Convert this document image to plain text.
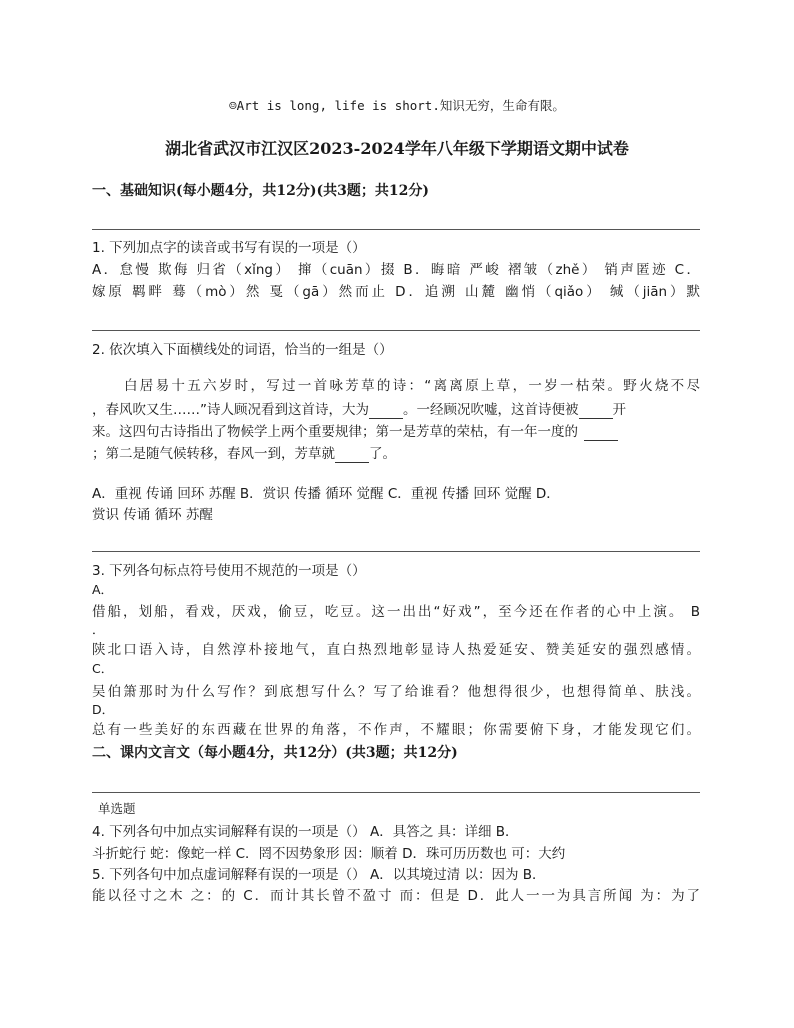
☺Art is long, life is short.知识无穷，生命有限。
湖北省武汉市江汉区2023-2024学年八年级下学期语文期中试卷
一、基础知识(每小题4分，共12分)(共3题；共12分)
1. 下列加点字的读音或书写有误的一项是（）
A．怠慢 欺侮 归省（xǐng） 撺（cuān）掇 B．晦暗 严峻 褶皱（zhě） 销声匿迹 C．
嫁原 羁畔 蓦（mò）然 戛（gā）然而止 D．追溯 山麓 幽悄（qiǎo） 缄（jiān）默
2. 依次填入下面横线处的词语，恰当的一组是（）
白居易十五六岁时，写过一首咏芳草的诗：“离离原上草，一岁一枯荣。野火烧不尽
，春风吹又生……”诗人顾况看到这首诗，大为	。一经顾况吹嘘，这首诗便被	开
来。这四句古诗指出了物候学上两个重要规律；第一是芳草的荣枯，有一年一度的
；第二是随气候转移，春风一到，芳草就	了。
A．重视 传诵 回环 苏醒 B．赏识 传播 循环 觉醒 C．重视 传播 回环 觉醒 D．
赏识 传诵 循环 苏醒
3. 下列各句标点符号使用不规范的一项是（）
A．
借船，划船，看戏，厌戏，偷豆，吃豆。这一出出“好戏”，至今还在作者的心中上演。 B
．
陕北口语入诗，自然淳朴接地气，直白热烈地彰显诗人热爱延安、赞美延安的强烈感情。
C．
吴伯箫那时为什么写作？到底想写什么？写了给谁看？他想得很少，也想得简单、肤浅。
D．
总有一些美好的东西藏在世界的角落，不作声，不耀眼；你需要俯下身，才能发现它们。
二、课内文言文（每小题4分，共12分）(共3题；共12分)
单选题
4. 下列各句中加点实词解释有误的一项是（） A．具答之 具：详细 B．
斗折蛇行 蛇：像蛇一样 C．罔不因势象形 因：顺着 D．珠可历历数也 可：大约
5. 下列各句中加点虚词解释有误的一项是（） A．以其境过清 以：因为 B．
能以径寸之木 之：的 C．而计其长曾不盈寸 而：但是 D．此人一一为具言所闻 为：为了
